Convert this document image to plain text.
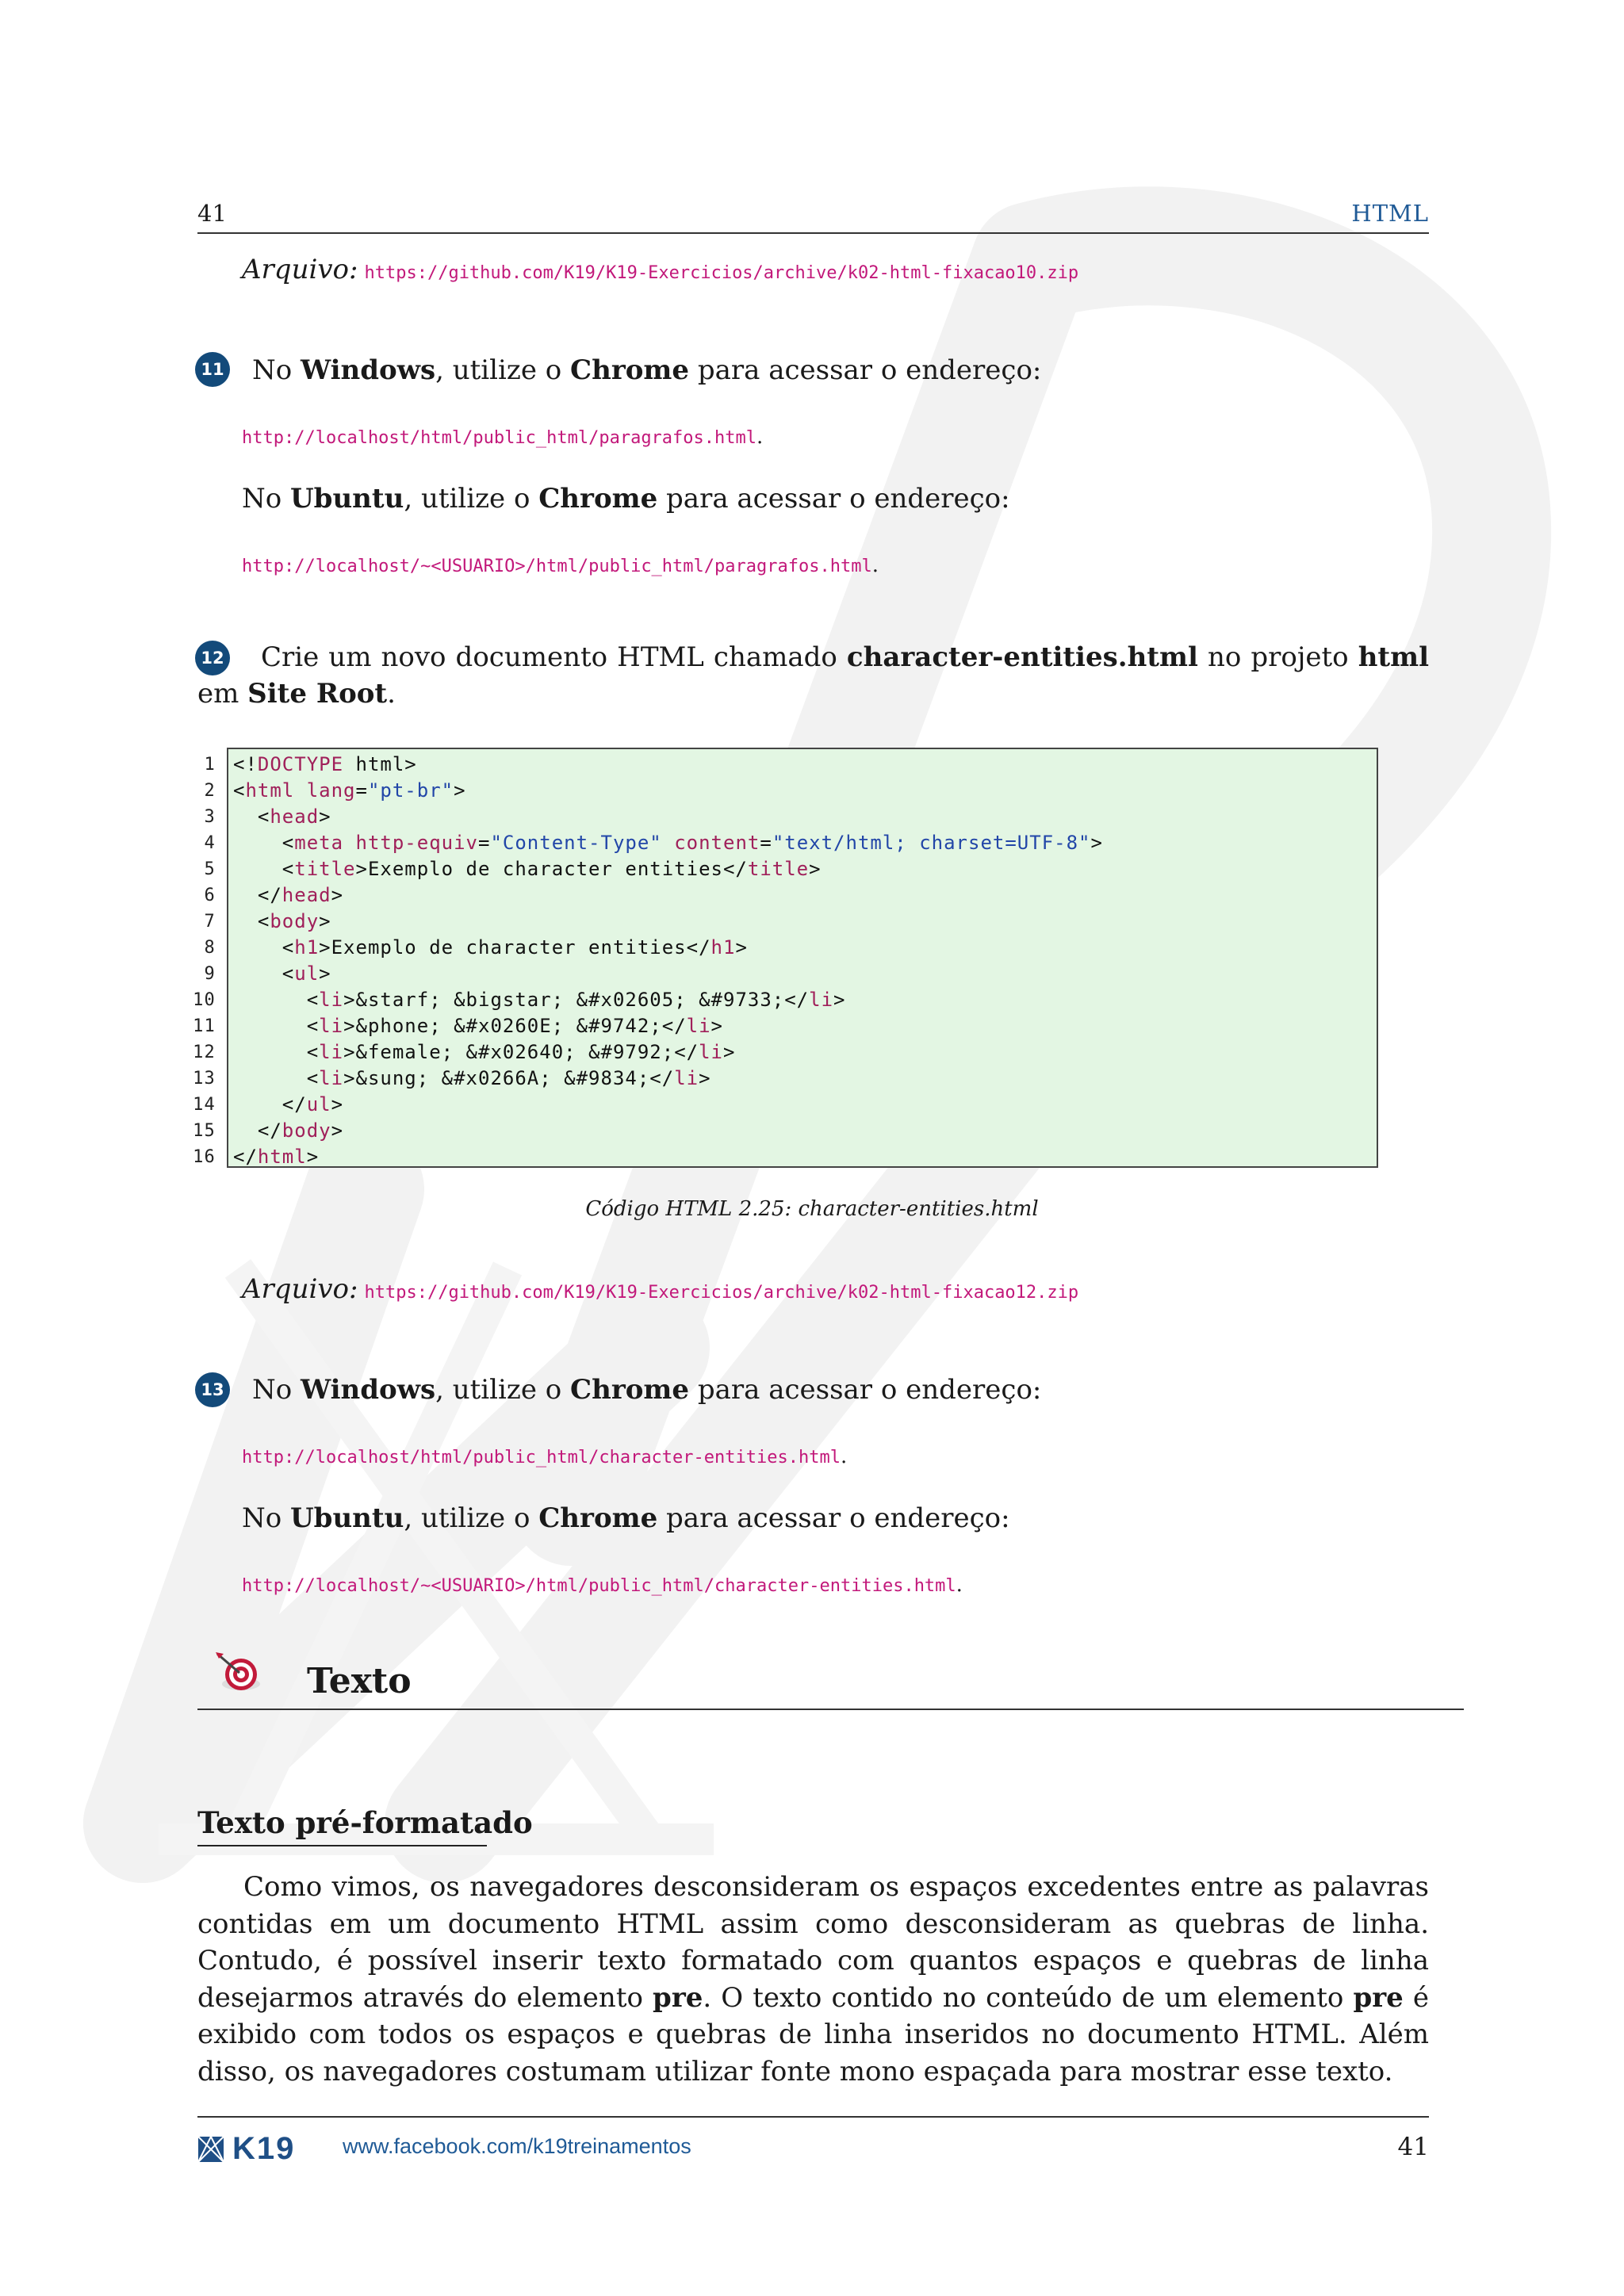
41	HTML
Arquivo: https://github.com/K19/K19-Exercicios/archive/k02-html-fixacao10.zip
11 No Windows, utilize o Chrome para acessar o endereço:
http://localhost/html/public_html/paragrafos.html.
No Ubuntu, utilize o Chrome para acessar o endereço:
http://localhost/~<USUARIO>/html/public_html/paragrafos.html.
12	Crie um novo documento HTML chamado character-entities.html no projeto html em Site Root.
1 <!DOCTYPE html>
2 <html lang="pt-br">
3 <head>
4 <meta http-equiv="Content-Type" content="text/html; charset=UTF-8">
5 <title>Exemplo de character entities</title>
6 </head>
7 <body>
8 <h1>Exemplo de character entities</h1>
9 <ul>
10 <li>&starf; &bigstar; &#x02605; &#9733;</li>
11 <li>&phone; &#x0260E; &#9742;</li>
12 <li>&female; &#x02640; &#9792;</li>
13 <li>&sung; &#x0266A; &#9834;</li>
14 </ul>
15 </body>
16 </html>
Código HTML 2.25: character-entities.html
Arquivo: https://github.com/K19/K19-Exercicios/archive/k02-html-fixacao12.zip
13 No Windows, utilize o Chrome para acessar o endereço:
http://localhost/html/public_html/character-entities.html.
No Ubuntu, utilize o Chrome para acessar o endereço:
http://localhost/~<USUARIO>/html/public_html/character-entities.html.
Texto
Texto pré-formatado
Como vimos, os navegadores desconsideram os espaços excedentes entre as palavras contidas em um documento HTML assim como desconsideram as quebras de linha. Contudo, é possível inserir texto formatado com quantos espaços e quebras de linha desejarmos através do elemento pre. O texto contido no conteúdo de um elemento pre é exibido com todos os espaços e quebras de linha inseridos no documento HTML. Além disso, os navegadores costumam utilizar fonte mono espaçada para mostrar esse texto.
K19 www.facebook.com/k19treinamentos	41
